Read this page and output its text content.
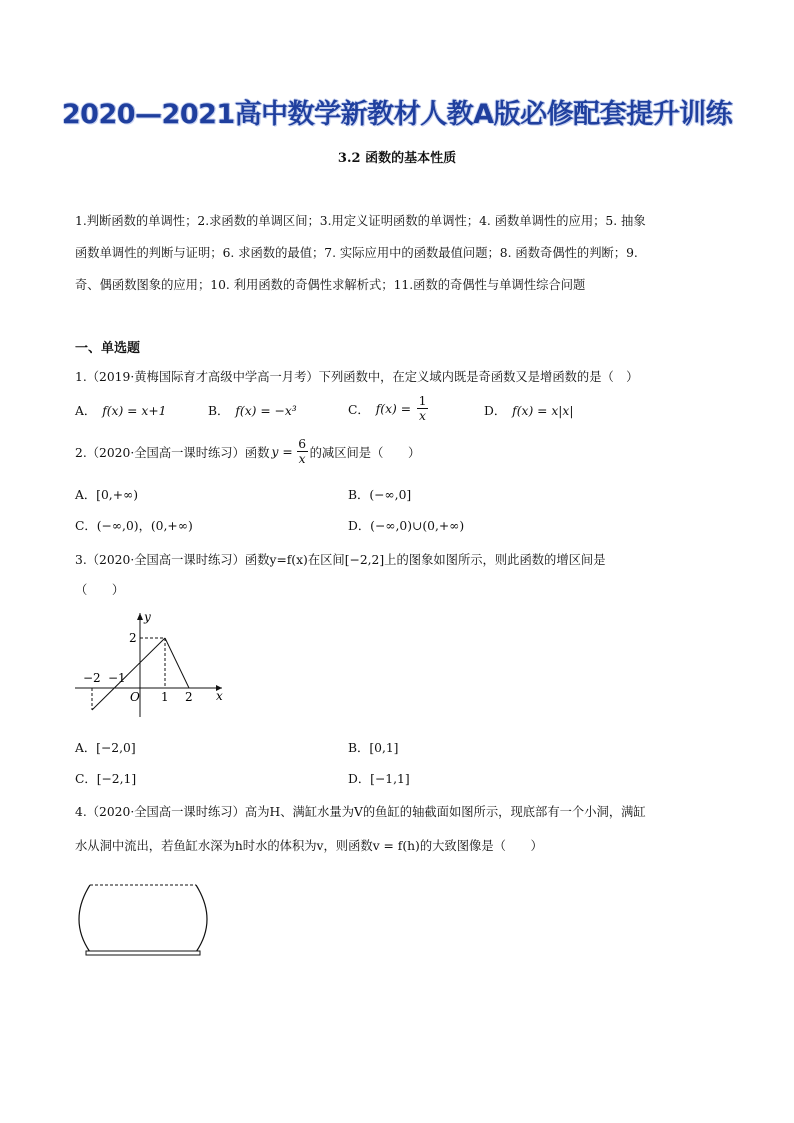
2020—2021高中数学新教材人教A版必修配套提升训练
3.2 函数的基本性质
1.判断函数的单调性；2.求函数的单调区间；3.用定义证明函数的单调性；4. 函数单调性的应用；5. 抽象
函数单调性的判断与证明；6. 求函数的最值；7. 实际应用中的函数最值问题；8. 函数奇偶性的判断；9.
奇、偶函数图象的应用；10. 利用函数的奇偶性求解析式；11.函数的奇偶性与单调性综合问题
一、单选题
1.（2019·黄梅国际育才高级中学高一月考）下列函数中，在定义域内既是奇函数又是增函数的是（　）
A． f(x) = x+1	B． f(x) = −x³	C． $f(x) = \frac{1}{x}$	D． f(x) = x|x|
2.（2020·全国高一课时练习）函数 $y = \frac{6}{x}$ 的减区间是（　　）
A．[0,+∞)	B．(−∞,0]
C．(−∞,0)，(0,+∞)	D．(−∞,0)∪(0,+∞)
3.（2020·全国高一课时练习）函数y=f(x)在区间[−2,2]上的图象如图所示，则此函数的增区间是
（　　）
y
x
O
2
−2 −1
1 2
A．[−2,0]	B．[0,1]
C．[−2,1]	D．[−1,1]
4.（2020·全国高一课时练习）高为H、满缸水量为V的鱼缸的轴截面如图所示，现底部有一个小洞，满缸
水从洞中流出，若鱼缸水深为h时水的体积为v，则函数v = f(h)的大致图像是（　　）
